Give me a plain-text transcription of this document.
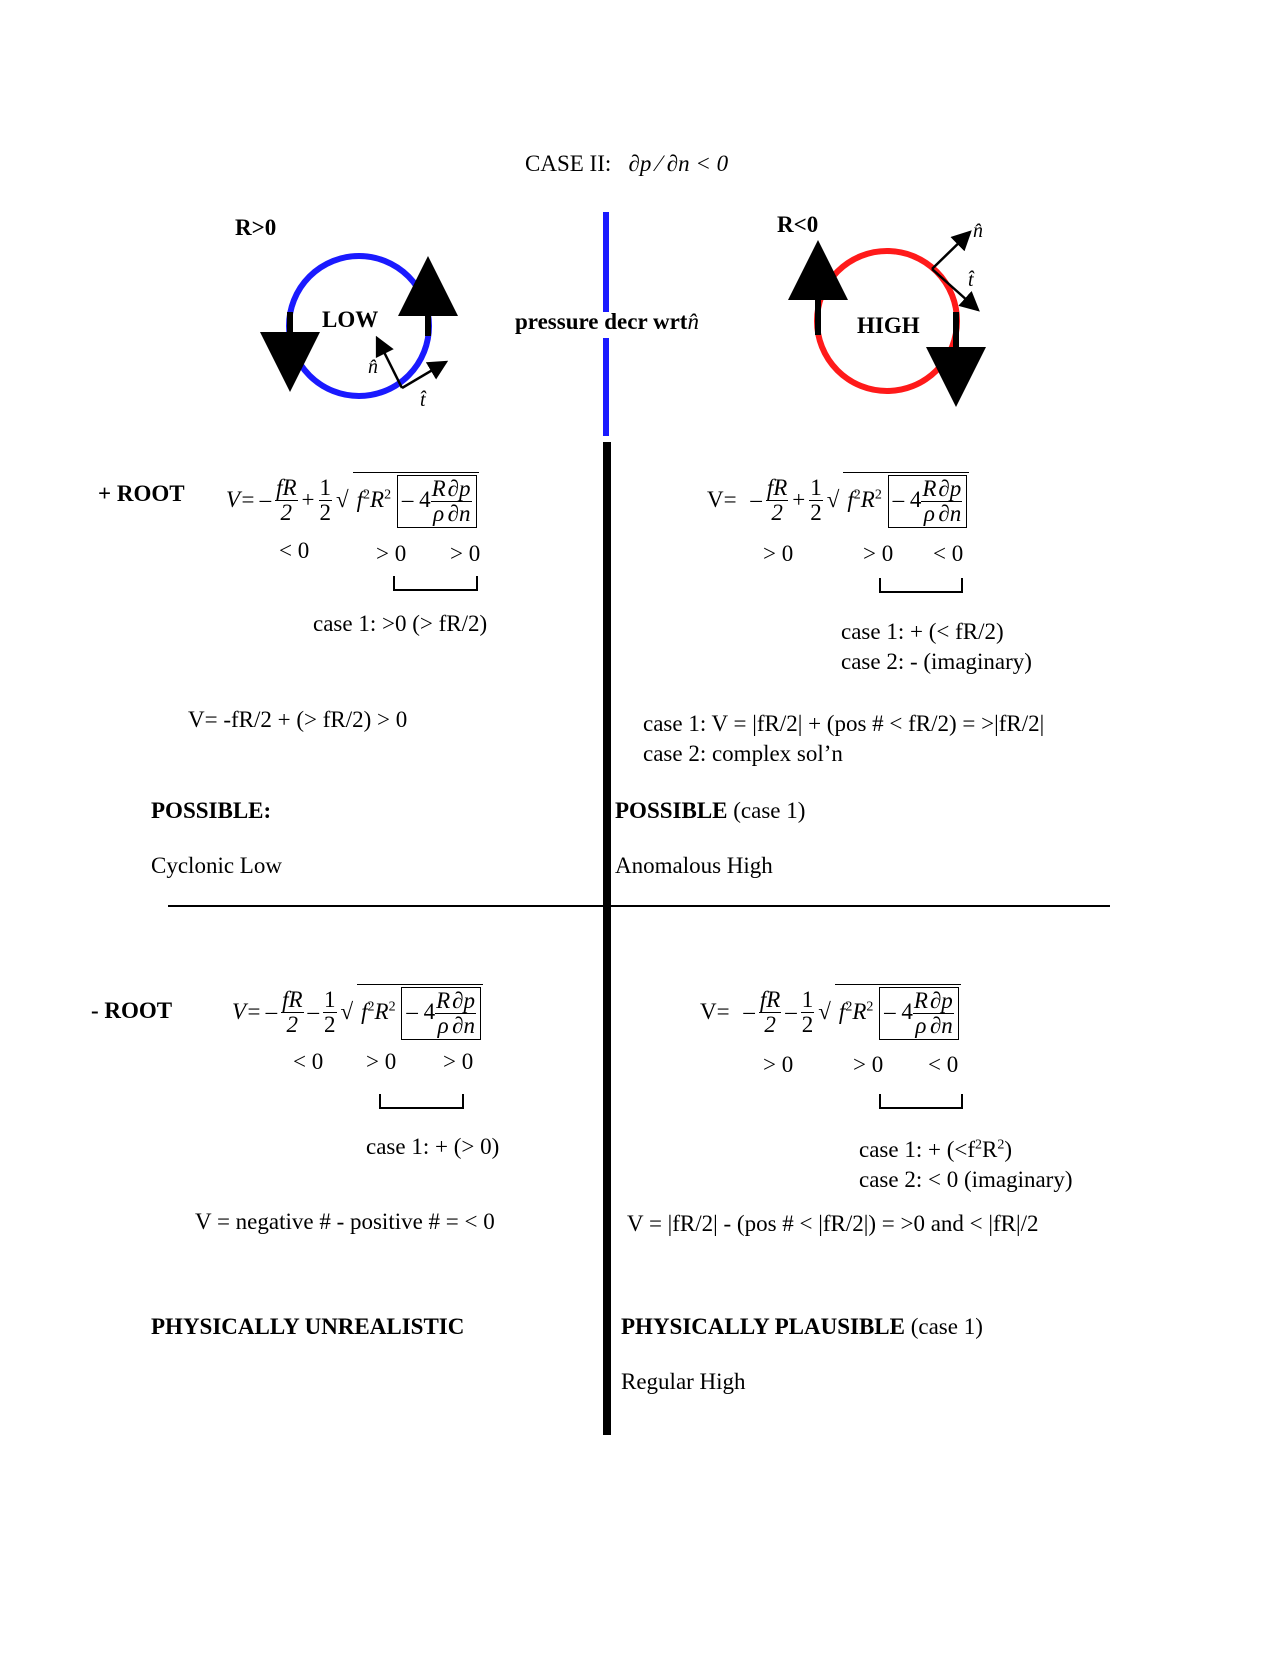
CASE II: ∂p ⁄ ∂n < 0
R>0
LOW
n̂
t̂
pressure decr wrtn̂
R<0
HIGH
n̂
t̂
+ ROOT $V= - \frac{fR}{2} + \frac{1}{2}$ √ $f^2R^2 - 4 \frac{R}{\rho} \frac{\partial p}{\partial n}$
< 0	> 0 > 0
case 1: >0 (> fR/2)
V= -fR/2 + (> fR/2) > 0
POSSIBLE:
Cyclonic Low
V=
– $\frac{fR}{2} + \frac{1}{2}$ √ $f^2R^2 - 4 \frac{R}{\rho} \frac{\partial p}{\partial n}$
> 0	> 0 < 0
case 1: + (< fR/2)
case 2: - (imaginary)
case 1: V = |fR/2| + (pos # < fR/2) = >|fR/2|
case 2: complex sol’n
POSSIBLE (case 1)
Anomalous High
- ROOT	$V= - \frac{fR}{2} - \frac{1}{2}$ √ $f^2R^2 - 4 \frac{R}{\rho} \frac{\partial p}{\partial n}$
< 0 > 0 > 0
case 1: + (> 0)
V = negative # - positive # = < 0
PHYSICALLY UNREALISTIC
V=
– $\frac{fR}{2} - \frac{1}{2}$ √ $f^2R^2 - 4 \frac{R}{\rho} \frac{\partial p}{\partial n}$
> 0	> 0 < 0
case 1: + $(<f^2R^2)$
case 2: < 0 (imaginary)
V = |fR/2| - (pos # < |fR/2|) = >0 and < |fR|/2
PHYSICALLY PLAUSIBLE (case 1)
Regular High
